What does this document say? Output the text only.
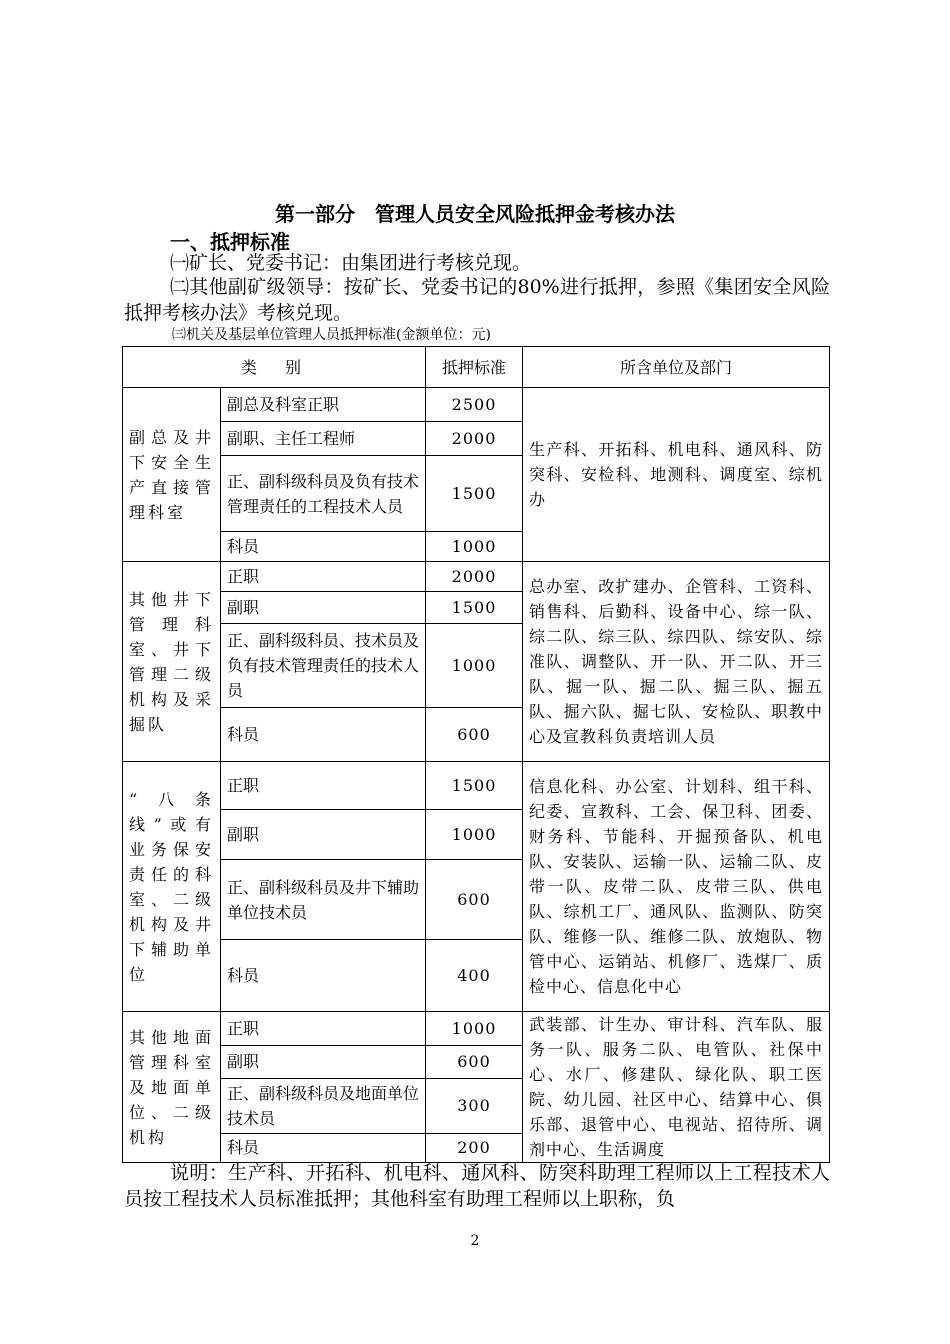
第一部分　管理人员安全风险抵押金考核办法
一、抵押标准
㈠矿长、党委书记：由集团进行考核兑现。
㈡其他副矿级领导：按矿长、党委书记的80%进行抵押，参照《集团安全风险抵押考核办法》考核兑现。
㈢机关及基层单位管理人员抵押标准(金额单位：元)
类　别		抵押标准	所含单位及部门
副总及井下安全生产直接管理科室	副总及科室正职	2500	生产科、开拓科、机电科、通风科、防突科、安检科、地测科、调度室、综机办
	副职、主任工程师	2000	
	正、副科级科员及负有技术管理责任的工程技术人员	1500	
	科员	1000	
其他井下管理科室、井下管理二级机构及采掘队	正职	2000	总办室、改扩建办、企管科、工资科、销售科、后勤科、设备中心、综一队、综二队、综三队、综四队、综安队、综准队、调整队、开一队、开二队、开三队、掘一队、掘二队、掘三队、掘五队、掘六队、掘七队、安检队、职教中心及宣教科负责培训人员
	副职	1500	
	正、副科级科员、技术员及负有技术管理责任的技术人员	1000	
	科员	600	
“八条线”或有业务保安责任的科室、二级机构及井下辅助单位	正职	1500	信息化科、办公室、计划科、组干科、纪委、宣教科、工会、保卫科、团委、财务科、节能科、开掘预备队、机电队、安装队、运输一队、运输二队、皮带一队、皮带二队、皮带三队、供电队、综机工厂、通风队、监测队、防突队、维修一队、维修二队、放炮队、物管中心、运销站、机修厂、选煤厂、质检中心、信息化中心
	副职	1000	
	正、副科级科员及井下辅助单位技术员	600	
	科员	400	
其他地面管理科室及地面单位、二级机构	正职	1000	武装部、计生办、审计科、汽车队、服务一队、服务二队、电管队、社保中心、水厂、修建队、绿化队、职工医院、幼儿园、社区中心、结算中心、俱乐部、退管中心、电视站、招待所、调剂中心、生活调度
	副职	600	
	正、副科级科员及地面单位技术员	300	
	科员	200	
说明：生产科、开拓科、机电科、通风科、防突科助理工程师以上工程技术人员按工程技术人员标准抵押；其他科室有助理工程师以上职称，负
2
